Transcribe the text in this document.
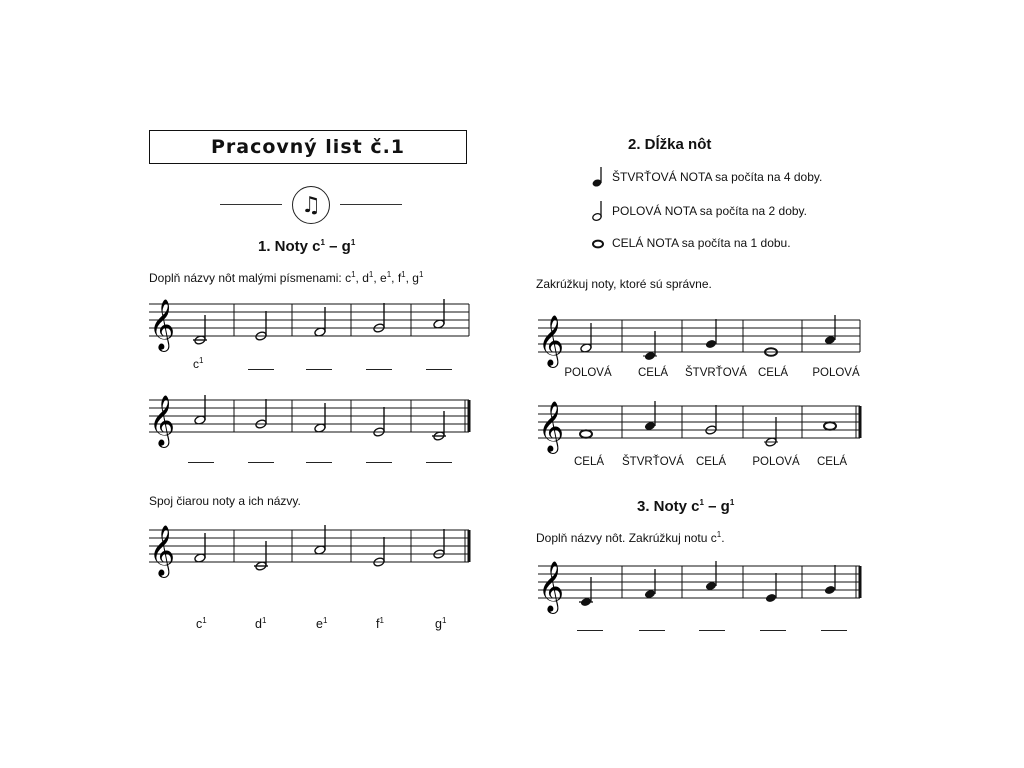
Pracovný list č.1
♫
1. Noty $c^1 - g^1$
Doplň názvy nôt malými písmenami: $c^1$, $d^1$, $e^1$, $f^1$, $g^1$
𝄞
$c^1$
𝄞
Spoj čiarou noty a ich názvy.
𝄞
$c^1$	$d^1$	$e^1$	$f^1$	$g^1$
2. Dĺžka nôt
ŠTVRŤOVÁ NOTA sa počíta na 4 doby.
POLOVÁ NOTA sa počíta na 2 doby.
CELÁ NOTA sa počíta na 1 dobu.
Zakrúžkuj noty, ktoré sú správne.
𝄞
POLOVÁ	CELÁ	ŠTVRŤOVÁ CELÁ	POLOVÁ
𝄞
CELÁ	ŠTVRŤOVÁ	CELÁ	POLOVÁ	CELÁ
3. Noty $c^1 - g^1$
Doplň názvy nôt. Zakrúžkuj notu $c^1$.
𝄞
